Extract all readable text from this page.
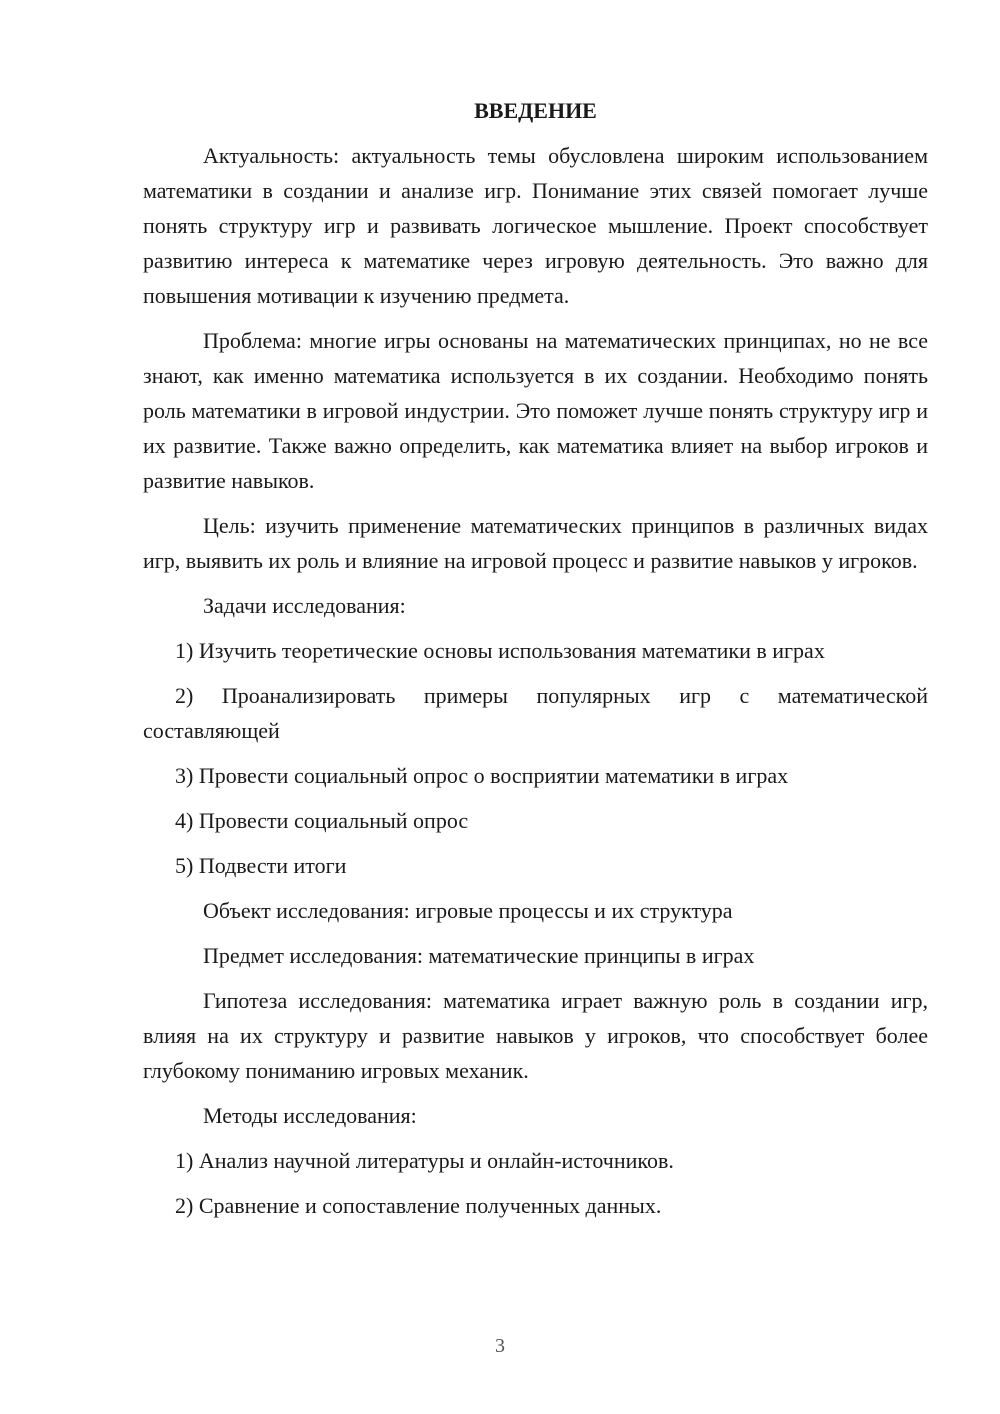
ВВЕДЕНИЕ

Актуальность: актуальность темы обусловлена широким использованием математики в создании и анализе игр. Понимание этих связей помогает лучше понять структуру игр и развивать логическое мышление. Проект способствует развитию интереса к математике через игровую деятельность. Это важно для повышения мотивации к изучению предмета.

Проблема: многие игры основаны на математических принципах, но не все знают, как именно математика используется в их создании. Необходимо понять роль математики в игровой индустрии. Это поможет лучше понять структуру игр и их развитие. Также важно определить, как математика влияет на выбор игроков и развитие навыков.

Цель: изучить применение математических принципов в различных видах игр, выявить их роль и влияние на игровой процесс и развитие навыков у игроков.

Задачи исследования:

1) Изучить теоретические основы использования математики в играх

2) Проанализировать примеры популярных игр с математической составляющей

3) Провести социальный опрос о восприятии математики в играх

4) Провести социальный опрос

5) Подвести итоги

Объект исследования: игровые процессы и их структура

Предмет исследования: математические принципы в играх

Гипотеза исследования: математика играет важную роль в создании игр, влияя на их структуру и развитие навыков у игроков, что способствует более глубокому пониманию игровых механик.

Методы исследования:

1) Анализ научной литературы и онлайн-источников.

2) Сравнение и сопоставление полученных данных.

3
